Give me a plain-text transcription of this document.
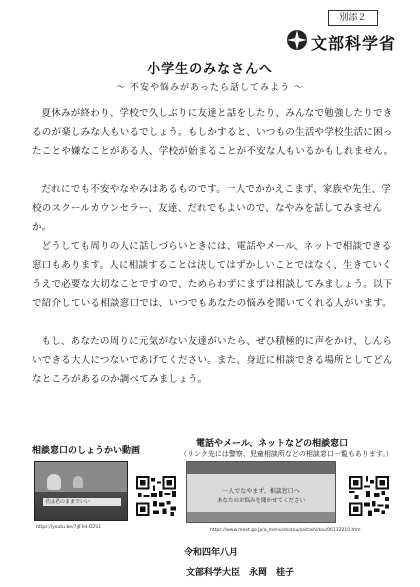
別添２
文部科学省
小学生のみなさんへ
～ 不安や悩みがあったら話してみよう ～

夏休みが終わり、学校で久しぶりに友達と話をしたり、みんなで勉強したりできるのが楽しみな人もいるでしょう。もしかすると、いつもの生活や学校生活に困ったことや嫌なことがある人、学校が始まることが不安な人もいるかもしれません。

だれにでも不安やなやみはあるものです。一人でかかえこまず、家族や先生、学校のスクールカウンセラー、友達、だれでもよいので、なやみを話してみませんか。

どうしても周りの人に話しづらいときには、電話やメール、ネットで相談できる窓口もあります。人に相談することは決してはずかしいことではなく、生きていくうえで必要な大切なことですので、ためらわずにまずは相談してみましょう。以下で紹介している相談窓口では、いつでもあなたの悩みを聞いてくれる人がいます。

もし、あなたの周りに元気がない友達がいたら、ぜひ積極的に声をかけ、しんらいできる大人につないであげてください。また、身近に相談できる場所としてどんなところがあるのか調べてみましょう。

相談窓口のしょうかい動画
電話やメール、ネットなどの相談窓口
（リンク先には警察、児童相談所などの相談窓口一覧もあります。）
君は君のままでいい
一人でなやまず、相談窓口へ
あなたのお悩みを聞かせてください
https://youtu.be/7iJFhd-D2S1
https://www.mext.go.jp/a_menu/shotou/seitoshidou/06112210.htm
令和四年八月
文部科学大臣　永岡　桂子
